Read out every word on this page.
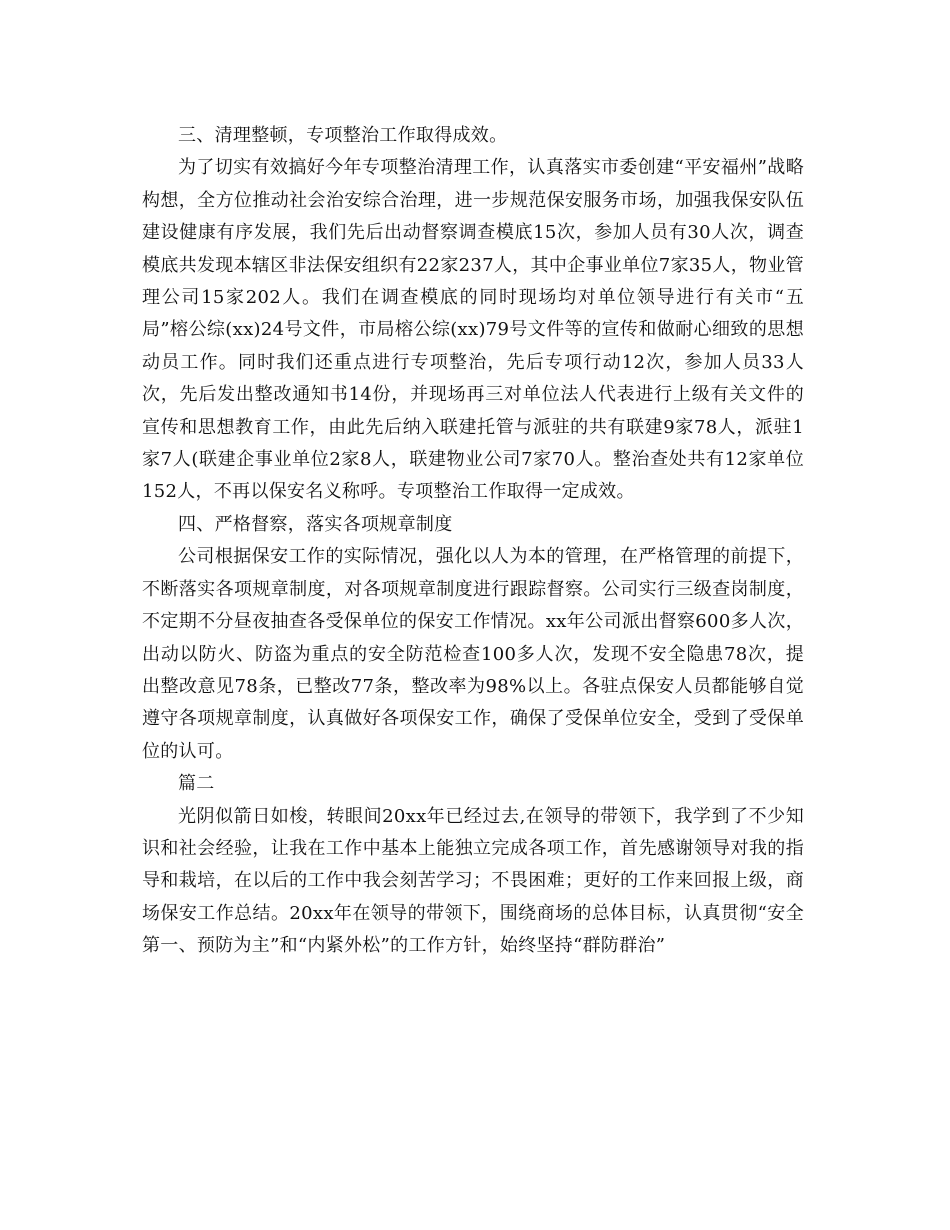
三、清理整顿，专项整治工作取得成效。

为了切实有效搞好今年专项整治清理工作，认真落实市委创建“平安福州”战略构想，全方位推动社会治安综合治理，进一步规范保安服务市场，加强我保安队伍建设健康有序发展，我们先后出动督察调查模底15次，参加人员有30人次，调查模底共发现本辖区非法保安组织有22家237人，其中企事业单位7家35人，物业管理公司15家202人。我们在调查模底的同时现场均对单位领导进行有关市“五局”榕公综(xx)24号文件，市局榕公综(xx)79号文件等的宣传和做耐心细致的思想动员工作。同时我们还重点进行专项整治，先后专项行动12次，参加人员33人次，先后发出整改通知书14份，并现场再三对单位法人代表进行上级有关文件的宣传和思想教育工作，由此先后纳入联建托管与派驻的共有联建9家78人，派驻1家7人(联建企事业单位2家8人，联建物业公司7家70人。整治查处共有12家单位152人，不再以保安名义称呼。专项整治工作取得一定成效。

四、严格督察，落实各项规章制度

公司根据保安工作的实际情况，强化以人为本的管理，在严格管理的前提下，不断落实各项规章制度，对各项规章制度进行跟踪督察。公司实行三级查岗制度，不定期不分昼夜抽查各受保单位的保安工作情况。xx年公司派出督察600多人次，出动以防火、防盗为重点的安全防范检查100多人次，发现不安全隐患78次，提出整改意见78条，已整改77条，整改率为98%以上。各驻点保安人员都能够自觉遵守各项规章制度，认真做好各项保安工作，确保了受保单位安全，受到了受保单位的认可。

篇二

光阴似箭日如梭，转眼间20xx年已经过去,在领导的带领下，我学到了不少知识和社会经验，让我在工作中基本上能独立完成各项工作，首先感谢领导对我的指导和栽培，在以后的工作中我会刻苦学习；不畏困难；更好的工作来回报上级，商场保安工作总结。20xx年在领导的带领下，围绕商场的总体目标，认真贯彻“安全第一、预防为主”和“内紧外松”的工作方针，始终坚持“群防群治”
